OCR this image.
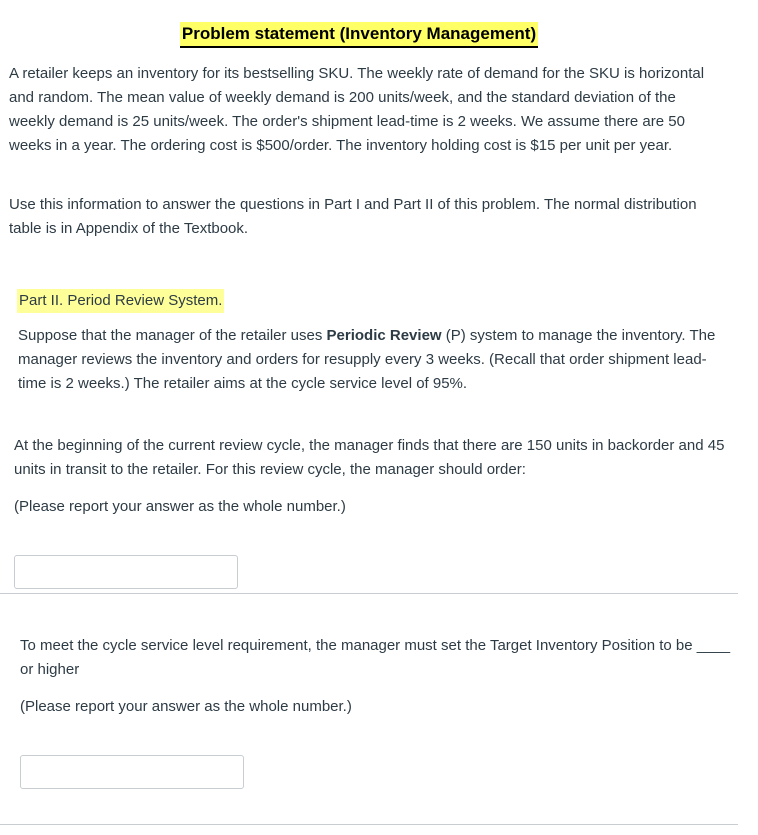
Problem statement (Inventory Management)

A retailer keeps an inventory for its bestselling SKU. The weekly rate of demand for the SKU is horizontal and random. The mean value of weekly demand is 200 units/week, and the standard deviation of the weekly demand is 25 units/week. The order's shipment lead-time is 2 weeks. We assume there are 50 weeks in a year. The ordering cost is $500/order. The inventory holding cost is $15 per unit per year.

Use this information to answer the questions in Part I and Part II of this problem. The normal distribution table is in Appendix of the Textbook.

Part II. Period Review System.

Suppose that the manager of the retailer uses Periodic Review (P) system to manage the inventory. The manager reviews the inventory and orders for resupply every 3 weeks. (Recall that order shipment lead-time is 2 weeks.) The retailer aims at the cycle service level of 95%.

At the beginning of the current review cycle, the manager finds that there are 150 units in backorder and 45 units in transit to the retailer. For this review cycle, the manager should order:

(Please report your answer as the whole number.)

To meet the cycle service level requirement, the manager must set the Target Inventory Position to be ____ or higher

(Please report your answer as the whole number.)
